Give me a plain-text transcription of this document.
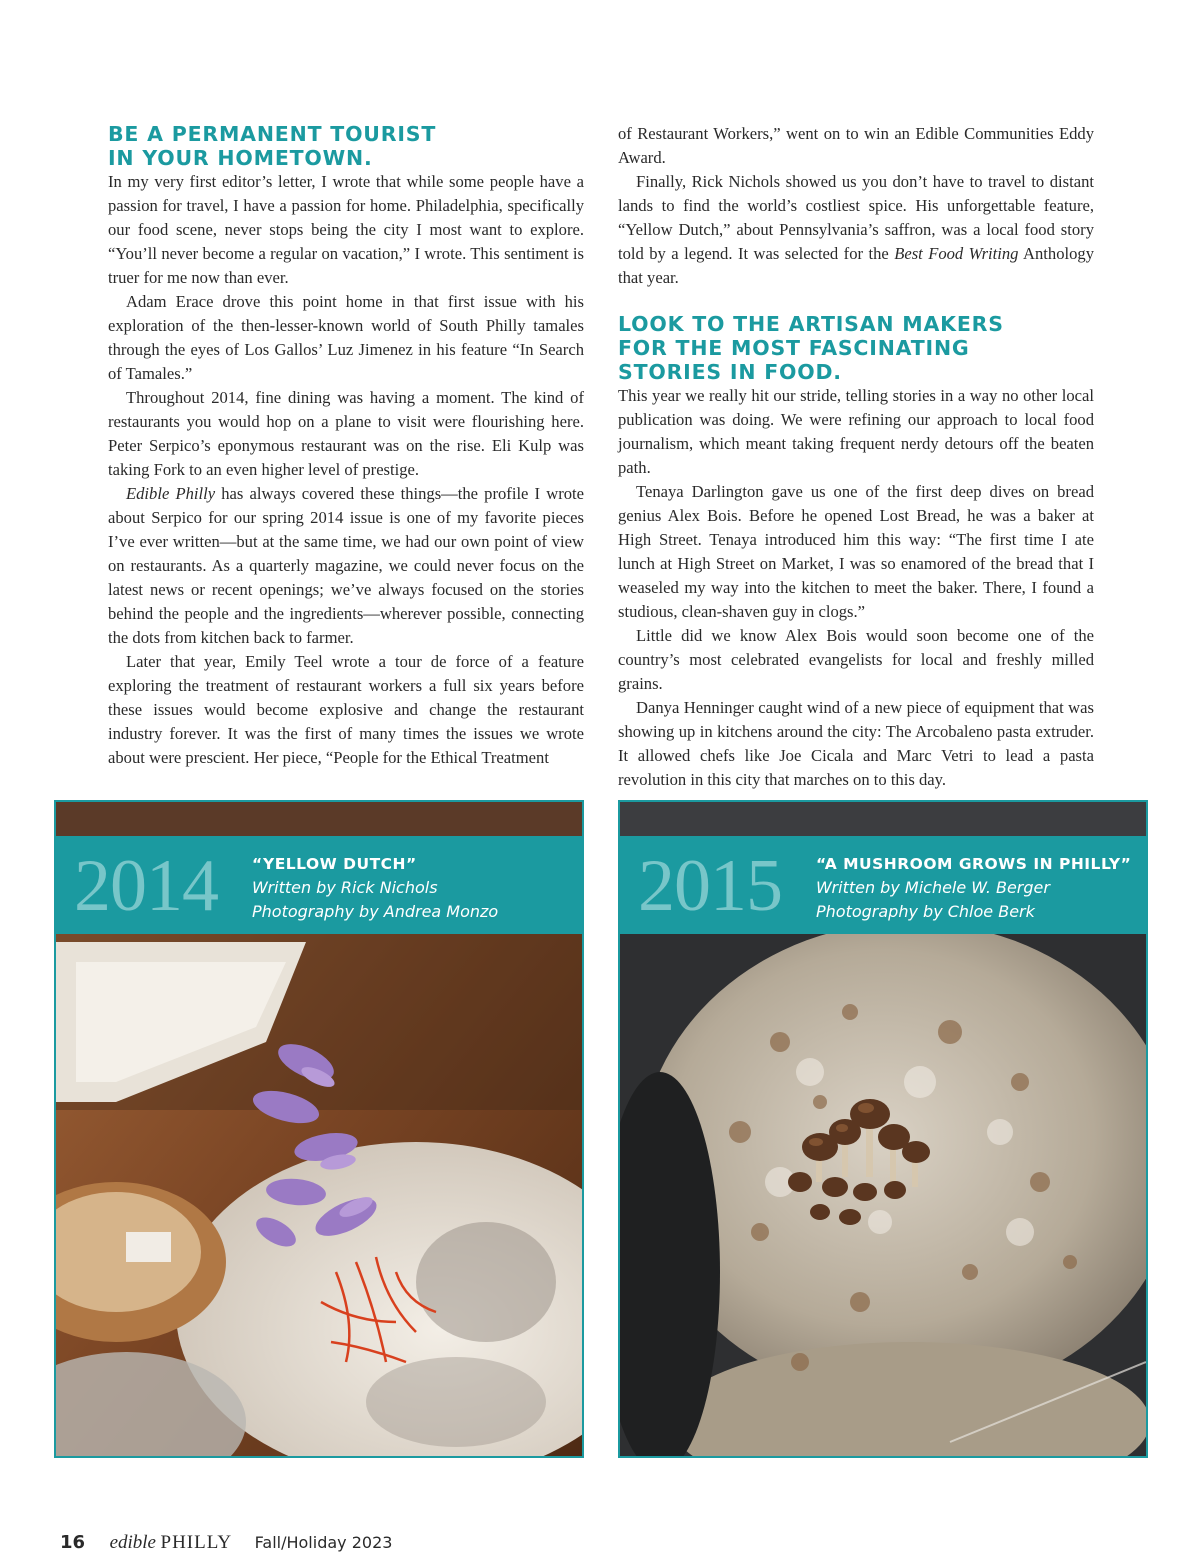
BE A PERMANENT TOURIST
IN YOUR HOMETOWN.

In my very first editor’s letter, I wrote that while some people have a passion for travel, I have a passion for home. Philadelphia, specifically our food scene, never stops being the city I most want to explore. “You’ll never become a regular on vacation,” I wrote. This sentiment is truer for me now than ever.

Adam Erace drove this point home in that first issue with his exploration of the then-lesser-known world of South Philly tamales through the eyes of Los Gallos’ Luz Jimenez in his feature “In Search of Tamales.”

Throughout 2014, fine dining was having a moment. The kind of restaurants you would hop on a plane to visit were flourishing here. Peter Serpico’s eponymous restaurant was on the rise. Eli Kulp was taking Fork to an even higher level of prestige.

Edible Philly has always covered these things—the profile I wrote about Serpico for our spring 2014 issue is one of my favorite pieces I’ve ever written—but at the same time, we had our own point of view on restaurants. As a quarterly magazine, we could never focus on the latest news or recent openings; we’ve always focused on the stories behind the people and the ingredients—wherever possible, connecting the dots from kitchen back to farmer.

Later that year, Emily Teel wrote a tour de force of a feature exploring the treatment of restaurant workers a full six years before these issues would become explosive and change the restaurant industry forever. It was the first of many times the issues we wrote about were prescient. Her piece, “People for the Ethical Treatment

of Restaurant Workers,” went on to win an Edible Communities Eddy Award.

Finally, Rick Nichols showed us you don’t have to travel to distant lands to find the world’s costliest spice. His unforgettable feature, “Yellow Dutch,” about Pennsylvania’s saffron, was a local food story told by a legend. It was selected for the Best Food Writing Anthology that year.

LOOK TO THE ARTISAN MAKERS
FOR THE MOST FASCINATING
STORIES IN FOOD.

This year we really hit our stride, telling stories in a way no other local publication was doing. We were refining our approach to local food journalism, which meant taking frequent nerdy detours off the beaten path.

Tenaya Darlington gave us one of the first deep dives on bread genius Alex Bois. Before he opened Lost Bread, he was a baker at High Street. Tenaya introduced him this way: “The first time I ate lunch at High Street on Market, I was so enamored of the bread that I weaseled my way into the kitchen to meet the baker. There, I found a studious, clean-shaven guy in clogs.”

Little did we know Alex Bois would soon become one of the country’s most celebrated evangelists for local and freshly milled grains.

Danya Henninger caught wind of a new piece of equipment that was showing up in kitchens around the city: The Arcobaleno pasta extruder. It allowed chefs like Joe Cicala and Marc Vetri to lead a pasta revolution in this city that marches on to this day.

2014 “YELLOW DUTCH”
Written by Rick Nichols
Photography by Andrea Monzo 2015 “A MUSHROOM GROWS IN PHILLY”
Written by Michele W. Berger
Photography by Chloe Berk
16 edible PHILLY Fall/Holiday 2023
